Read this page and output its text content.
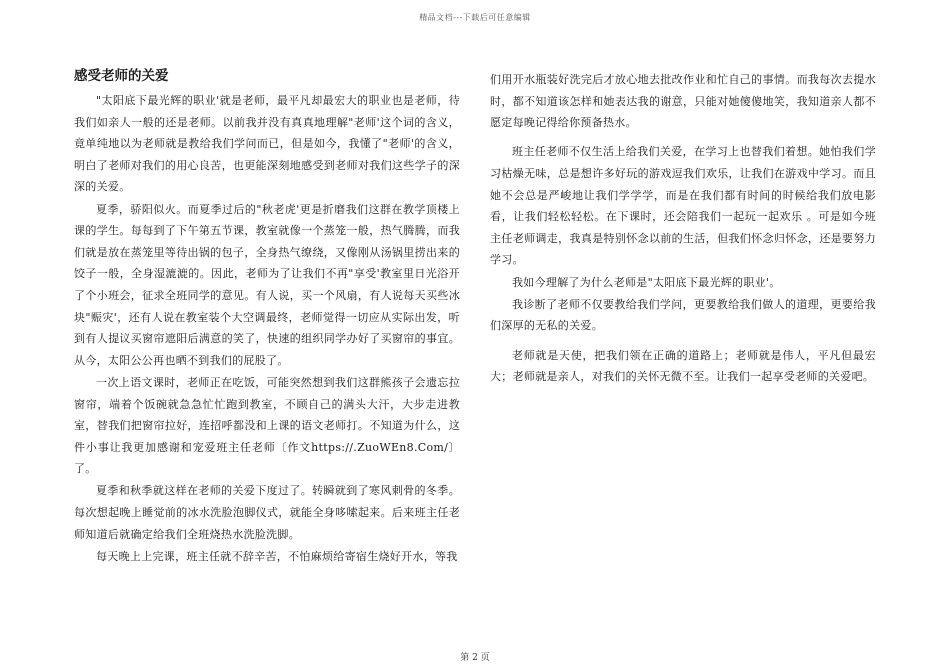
精品文档---下载后可任意编辑
感受老师的关爱

"太阳底下最光辉的职业'就是老师，最平凡却最宏大的职业也是老师，待我们如亲人一般的还是老师。以前我并没有真真地理解"老师'这个词的含义，竟单纯地以为老师就是教给我们学问而已，但是如今，我懂了"老师'的含义，明白了老师对我们的用心良苦，也更能深刻地感受到老师对我们这些学子的深深的关爱。

夏季，骄阳似火。而夏季过后的"秋老虎'更是折磨我们这群在教学顶楼上课的学生。每每到了下午第五节课，教室就像一个蒸笼一般，热气腾腾，而我们就是放在蒸笼里等待出锅的包子，全身热气缭绕，又像刚从汤锅里捞出来的饺子一般，全身湿漉漉的。因此，老师为了让我们不再"享受'教室里日光浴开了个小班会，征求全班同学的意见。有人说，买一个风扇，有人说每天买些冰块"赈灾'，还有人说在教室装个大空调最终，老师觉得一切应从实际出发，听到有人提议买窗帘遮阳后满意的笑了，快速的组织同学办好了买窗帘的事宜。从今，太阳公公再也晒不到我们的屁股了。

一次上语文课时，老师正在吃饭，可能突然想到我们这群熊孩子会遗忘拉窗帘，端着个饭碗就急急忙忙跑到教室，不顾自己的满头大汗，大步走进教室，替我们把窗帘拉好，连招呼都没和上课的语文老师打。不知道为什么，这件小事让我更加感谢和宠爱班主任老师〔作文https://.ZuoWEn8.Com/〕了。

夏季和秋季就这样在老师的关爱下度过了。转瞬就到了寒风刺骨的冬季。每次想起晚上睡觉前的冰水洗脸泡脚仪式，就能全身哆嗦起来。后来班主任老师知道后就确定给我们全班烧热水洗脸洗脚。

每天晚上上完课，班主任就不辞辛苦，不怕麻烦给寄宿生烧好开水，等我

们用开水瓶装好洗完后才放心地去批改作业和忙自己的事情。而我每次去提水时，都不知道该怎样和她表达我的谢意，只能对她傻傻地笑，我知道亲人都不愿定每晚记得给你预备热水。

班主任老师不仅生活上给我们关爱，在学习上也替我们着想。她怕我们学习枯燥无味，总是想许多好玩的游戏逗我们欢乐，让我们在游戏中学习。而且她不会总是严峻地让我们学学学，而是在我们都有时间的时候给我们放电影看，让我们轻松轻松。在下课时，还会陪我们一起玩一起欢乐 。可是如今班主任老师调走，我真是特别怀念以前的生活，但我们怀念归怀念，还是要努力学习。

我如今理解了为什么老师是"太阳底下最光辉的职业'。

我诊断了老师不仅要教给我们学问，更要教给我们做人的道理，更要给我们深厚的无私的关爱。

老师就是天使，把我们领在正确的道路上；老师就是伟人，平凡但最宏大；老师就是亲人，对我们的关怀无微不至。让我们一起享受老师的关爱吧。

第 2 页
